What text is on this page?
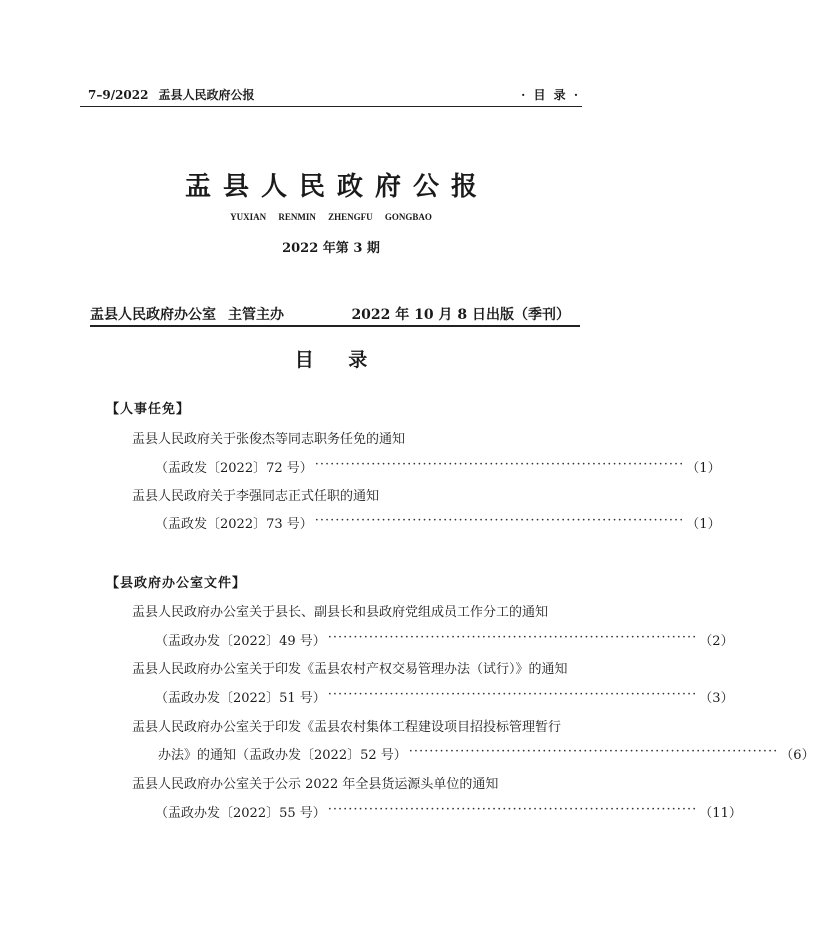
7–9/2022 盂县人民政府公报	· 目 录 ·
盂县人民政府公报
YUXIAN RENMIN ZHENGFU GONGBAO
2022 年第 3 期
盂县人民政府办公室 主管主办	2022 年 10 月 8 日出版（季刊）
目 录
【人事任免】
盂县人民政府关于张俊杰等同志职务任免的通知
（盂政发〔2022〕72 号） ········································································ （1）
盂县人民政府关于李强同志正式任职的通知
（盂政发〔2022〕73 号） ········································································ （1）
【县政府办公室文件】
盂县人民政府办公室关于县长、副县长和县政府党组成员工作分工的通知
（盂政办发〔2022〕49 号） ········································································ （2）
盂县人民政府办公室关于印发《盂县农村产权交易管理办法（试行）》的通知
（盂政办发〔2022〕51 号） ········································································ （3）
盂县人民政府办公室关于印发《盂县农村集体工程建设项目招投标管理暂行
办法》的通知（盂政办发〔2022〕52 号） ········································································ （6）
盂县人民政府办公室关于公示 2022 年全县货运源头单位的通知
（盂政办发〔2022〕55 号） ········································································ （11）
